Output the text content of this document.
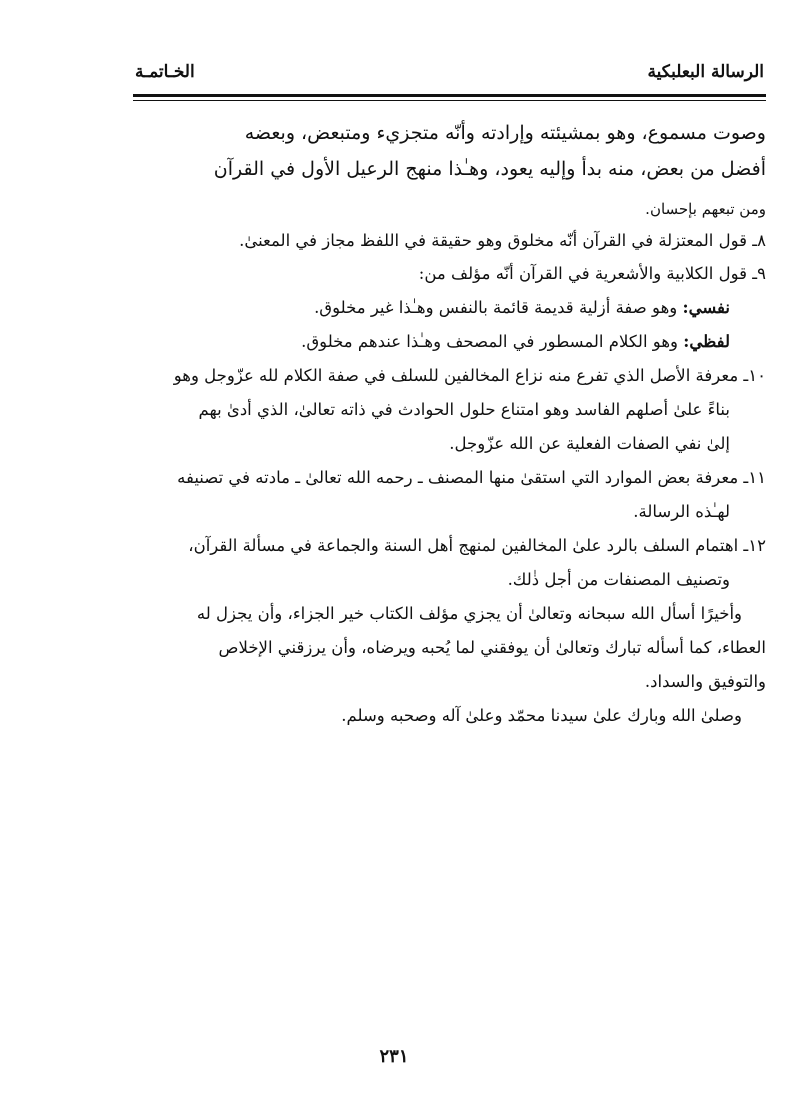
الرسالة البعلبكية
الخـاتمـة
وصوت مسموع، وهو بمشيئته وإرادته وأنّه متجزيء ومتبعض، وبعضه
أفضل من بعض، منه بدأ وإليه يعود، وهـٰذا منهج الرعيل الأول في القرآن
ومن تبعهم بإحسان.
٨ـ قول المعتزلة في القرآن أنّه مخلوق وهو حقيقة في اللفظ مجاز في المعنىٰ.
٩ـ قول الكلابية والأشعرية في القرآن أنّه مؤلف من:
نفسي: وهو صفة أزلية قديمة قائمة بالنفس وهـٰذا غير مخلوق.
لفظي: وهو الكلام المسطور في المصحف وهـٰذا عندهم مخلوق.
١٠ـ معرفة الأصل الذي تفرع منه نزاع المخالفين للسلف في صفة الكلام لله عزّوجل وهو
بناءً علىٰ أصلهم الفاسد وهو امتناع حلول الحوادث في ذاته تعالىٰ، الذي أدىٰ بهم
إلىٰ نفي الصفات الفعلية عن الله عزّوجل.
١١ـ معرفة بعض الموارد التي استقىٰ منها المصنف ـ رحمه الله تعالىٰ ـ مادته في تصنيفه
لهـٰذه الرسالة.
١٢ـ اهتمام السلف بالرد علىٰ المخالفين لمنهج أهل السنة والجماعة في مسألة القرآن،
وتصنيف المصنفات من أجل ذٰلك.
وأخيرًا أسأل الله سبحانه وتعالىٰ أن يجزي مؤلف الكتاب خير الجزاء، وأن يجزل له
العطاء، كما أسأله تبارك وتعالىٰ أن يوفقني لما يُحبه ويرضاه، وأن يرزقني الإخلاص
والتوفيق والسداد.
وصلىٰ الله وبارك علىٰ سيدنا محمّد وعلىٰ آله وصحبه وسلم.
٢٣١
